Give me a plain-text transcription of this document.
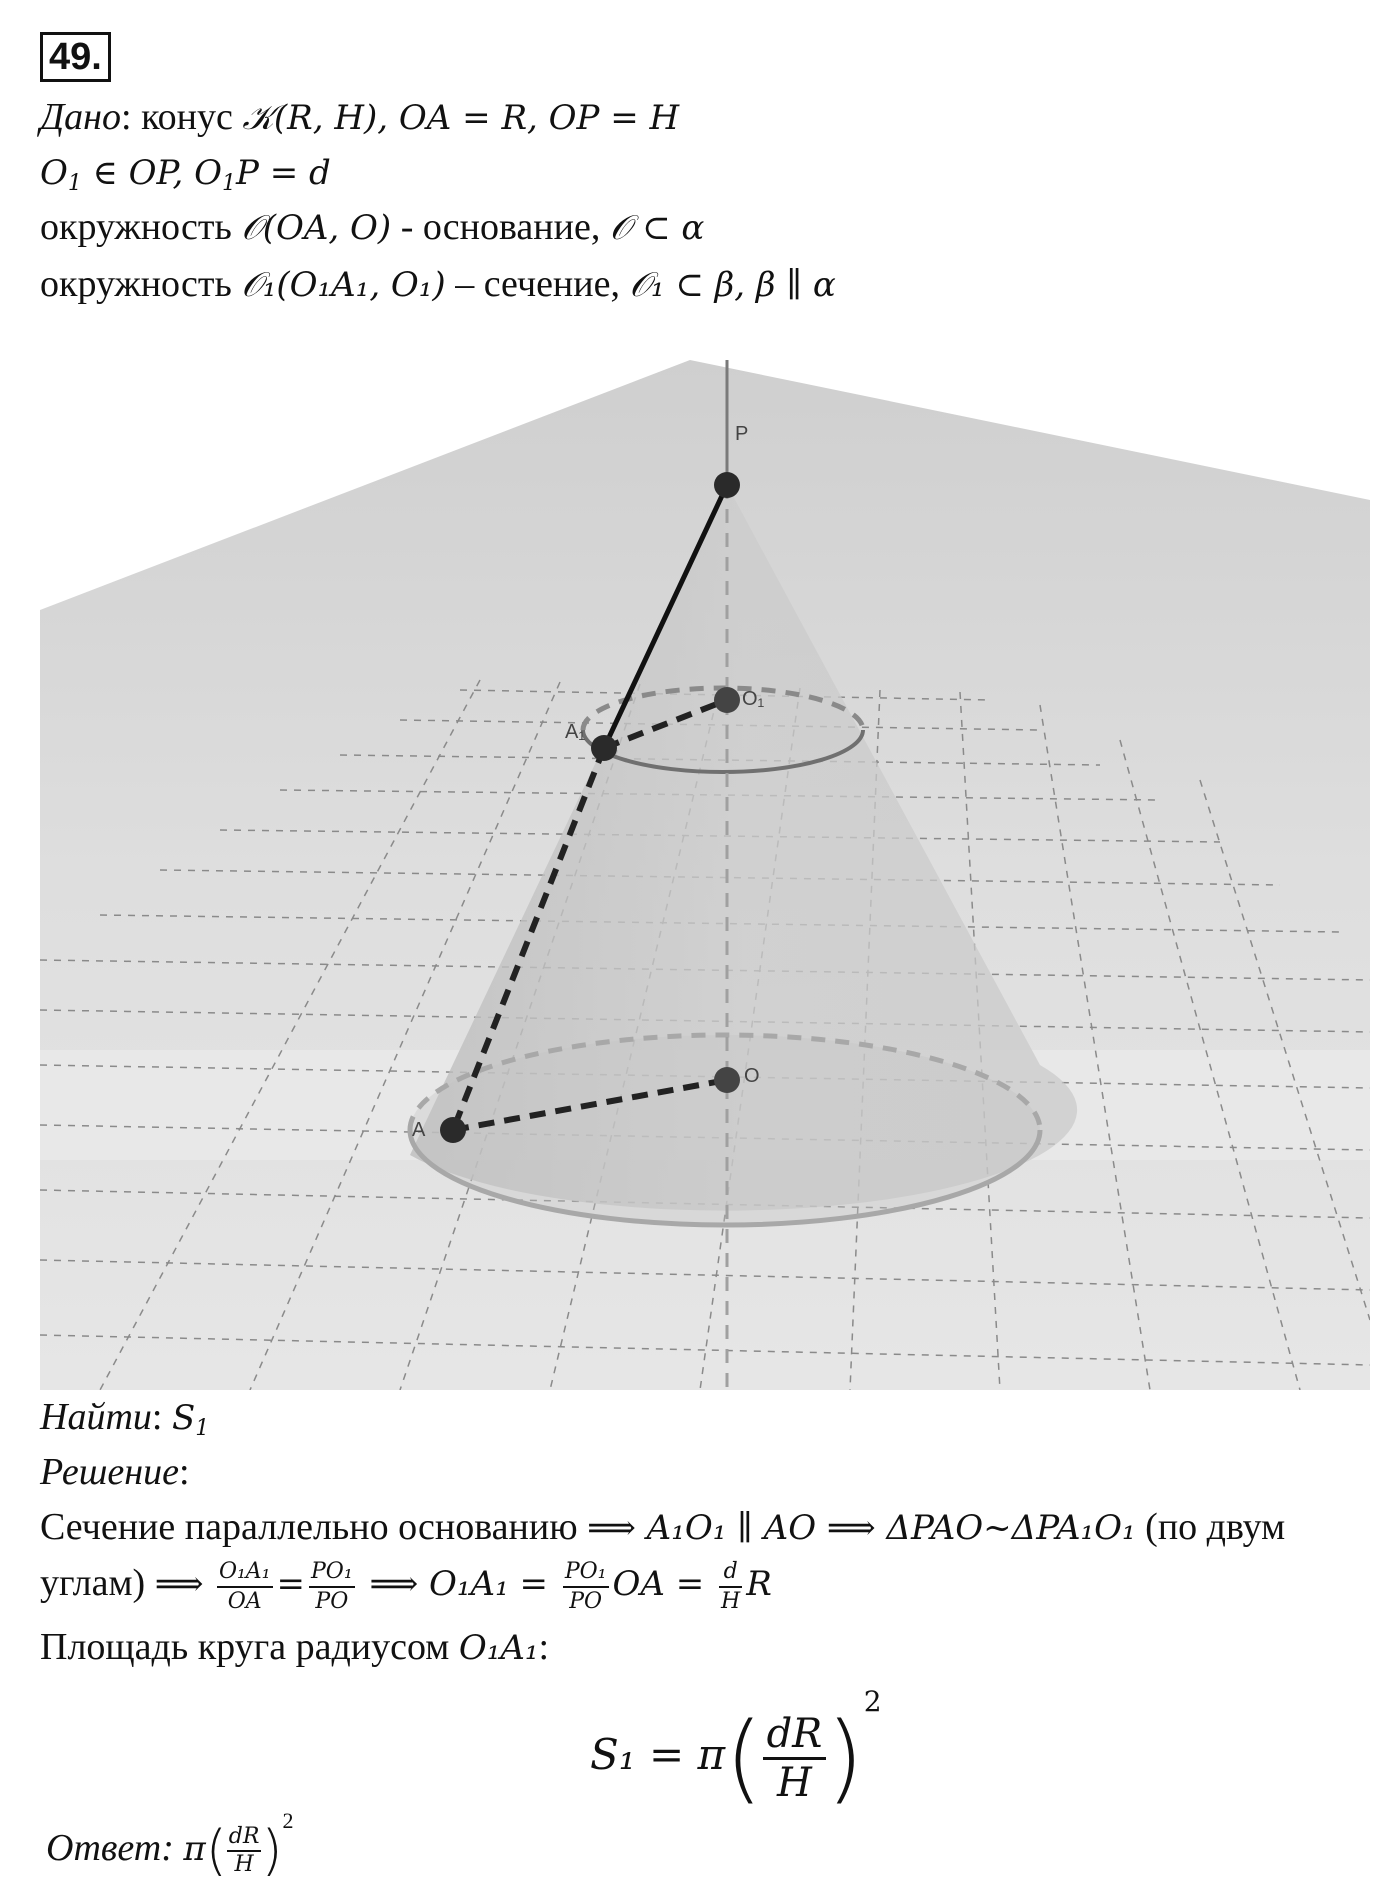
49.
Дано: конус 𝒦(R, H), OA = R, OP = H
$O_1$ ∈ OP, $O_1P = d$
окружность 𝒪(OA, O) - основание, 𝒪 ⊂ α
окружность 𝒪₁(O₁A₁, O₁) – сечение, 𝒪₁ ⊂ β, β ∥ α
P
A₁
O₁
O
A
Найти: $S_1$
Решение:
Сечение параллельно основанию ⟹ A₁O₁ ∥ AO ⟹ ΔPAO~ΔPA₁O₁ (по двум
углам) ⟹ $\frac{\text{O₁A₁}}{OA} = \frac{\text{PO₁}}{PO}$ ⟹ $O_1A_1 = \frac{\text{PO₁}}{PO}$ OA = $\frac{d}{H}$ R
Площадь круга радиусом O₁A₁:
$S_1 = \pi( \frac{dR}{H} )^2$
Ответ: $\pi( \frac{dR}{H} )^2$
